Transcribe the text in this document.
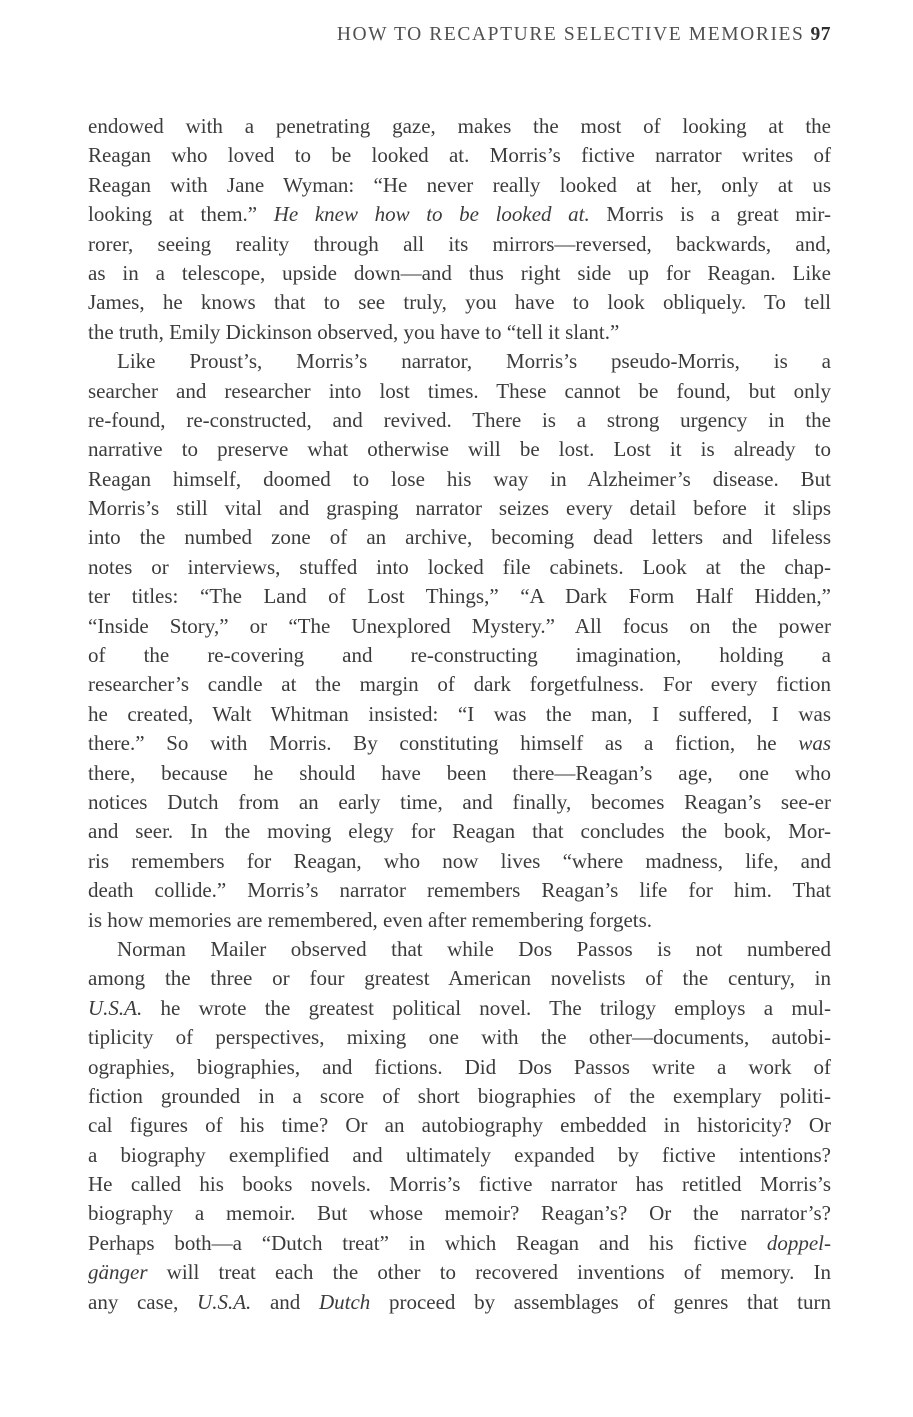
HOW TO RECAPTURE SELECTIVE MEMORIES 97
endowed with a penetrating gaze, makes the most of looking at the
Reagan who loved to be looked at. Morris’s fictive narrator writes of
Reagan with Jane Wyman: “He never really looked at her, only at us
looking at them.” He knew how to be looked at. Morris is a great mir-
rorer, seeing reality through all its mirrors—reversed, backwards, and,
as in a telescope, upside down—and thus right side up for Reagan. Like
James, he knows that to see truly, you have to look obliquely. To tell
the truth, Emily Dickinson observed, you have to “tell it slant.”
Like Proust’s, Morris’s narrator, Morris’s pseudo-Morris, is a
searcher and researcher into lost times. These cannot be found, but only
re-found, re-constructed, and revived. There is a strong urgency in the
narrative to preserve what otherwise will be lost. Lost it is already to
Reagan himself, doomed to lose his way in Alzheimer’s disease. But
Morris’s still vital and grasping narrator seizes every detail before it slips
into the numbed zone of an archive, becoming dead letters and lifeless
notes or interviews, stuffed into locked file cabinets. Look at the chap-
ter titles: “The Land of Lost Things,” “A Dark Form Half Hidden,”
“Inside Story,” or “The Unexplored Mystery.” All focus on the power
of the re-covering and re-constructing imagination, holding a
researcher’s candle at the margin of dark forgetfulness. For every fiction
he created, Walt Whitman insisted: “I was the man, I suffered, I was
there.” So with Morris. By constituting himself as a fiction, he was
there, because he should have been there—Reagan’s age, one who
notices Dutch from an early time, and finally, becomes Reagan’s see-er
and seer. In the moving elegy for Reagan that concludes the book, Mor-
ris remembers for Reagan, who now lives “where madness, life, and
death collide.” Morris’s narrator remembers Reagan’s life for him. That
is how memories are remembered, even after remembering forgets.
Norman Mailer observed that while Dos Passos is not numbered
among the three or four greatest American novelists of the century, in
U.S.A. he wrote the greatest political novel. The trilogy employs a mul-
tiplicity of perspectives, mixing one with the other—documents, autobi-
ographies, biographies, and fictions. Did Dos Passos write a work of
fiction grounded in a score of short biographies of the exemplary politi-
cal figures of his time? Or an autobiography embedded in historicity? Or
a biography exemplified and ultimately expanded by fictive intentions?
He called his books novels. Morris’s fictive narrator has retitled Morris’s
biography a memoir. But whose memoir? Reagan’s? Or the narrator’s?
Perhaps both—a “Dutch treat” in which Reagan and his fictive doppel-
gänger will treat each the other to recovered inventions of memory. In
any case, U.S.A. and Dutch proceed by assemblages of genres that turn
